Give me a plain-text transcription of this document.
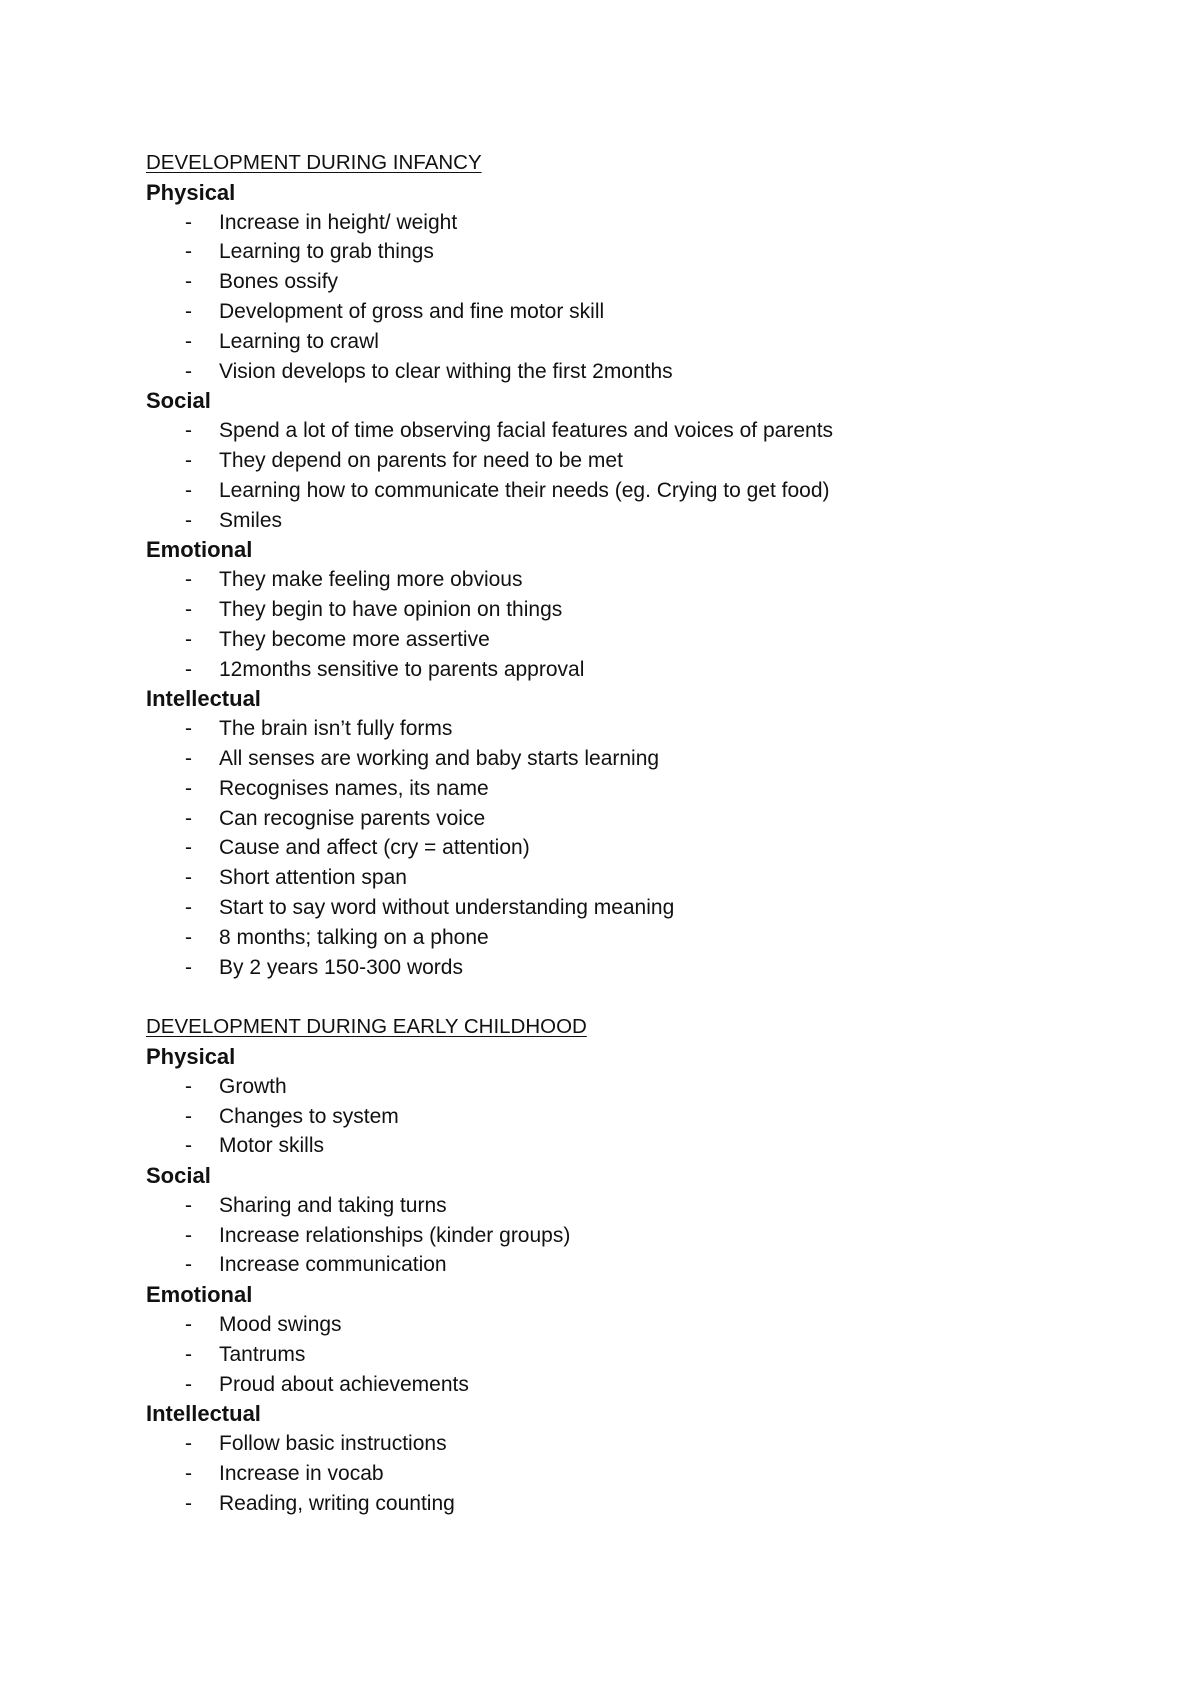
DEVELOPMENT DURING INFANCY
Physical
- Increase in height/ weight
- Learning to grab things
- Bones ossify
- Development of gross and fine motor skill
- Learning to crawl
- Vision develops to clear withing the first 2months
Social
- Spend a lot of time observing facial features and voices of parents
- They depend on parents for need to be met
- Learning how to communicate their needs (eg. Crying to get food)
- Smiles
Emotional
- They make feeling more obvious
- They begin to have opinion on things
- They become more assertive
- 12months sensitive to parents approval
Intellectual
- The brain isn’t fully forms
- All senses are working and baby starts learning
- Recognises names, its name
- Can recognise parents voice
- Cause and affect (cry = attention)
- Short attention span
- Start to say word without understanding meaning
- 8 months; talking on a phone
- By 2 years 150-300 words
DEVELOPMENT DURING EARLY CHILDHOOD
Physical
- Growth
- Changes to system
- Motor skills
Social
- Sharing and taking turns
- Increase relationships (kinder groups)
- Increase communication
Emotional
- Mood swings
- Tantrums
- Proud about achievements
Intellectual
- Follow basic instructions
- Increase in vocab
- Reading, writing counting
